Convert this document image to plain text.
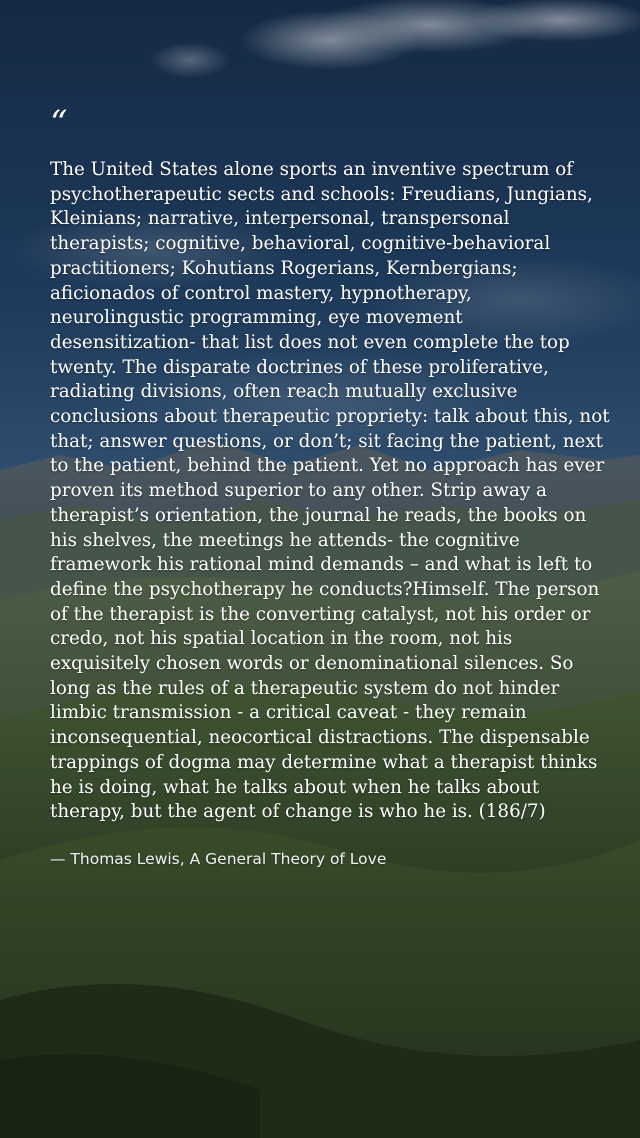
“

The United States alone sports an inventive spectrum of psychotherapeutic sects and schools: Freudians, Jungians, Kleinians; narrative, interpersonal, transpersonal therapists; cognitive, behavioral, cognitive-behavioral practitioners; Kohutians Rogerians, Kernbergians; aficionados of control mastery, hypnotherapy, neurolingustic programming, eye movement desensitization- that list does not even complete the top twenty. The disparate doctrines of these proliferative, radiating divisions, often reach mutually exclusive conclusions about therapeutic propriety: talk about this, not that; answer questions, or don’t; sit facing the patient, next to the patient, behind the patient. Yet no approach has ever proven its method superior to any other. Strip away a therapist’s orientation, the journal he reads, the books on his shelves, the meetings he attends- the cognitive framework his rational mind demands – and what is left to define the psychotherapy he conducts?Himself. The person of the therapist is the converting catalyst, not his order or credo, not his spatial location in the room, not his exquisitely chosen words or denominational silences. So long as the rules of a therapeutic system do not hinder limbic transmission - a critical caveat - they remain inconsequential, neocortical distractions. The dispensable trappings of dogma may determine what a therapist thinks he is doing, what he talks about when he talks about therapy, but the agent of change is who he is. (186/7)

— Thomas Lewis, A General Theory of Love
